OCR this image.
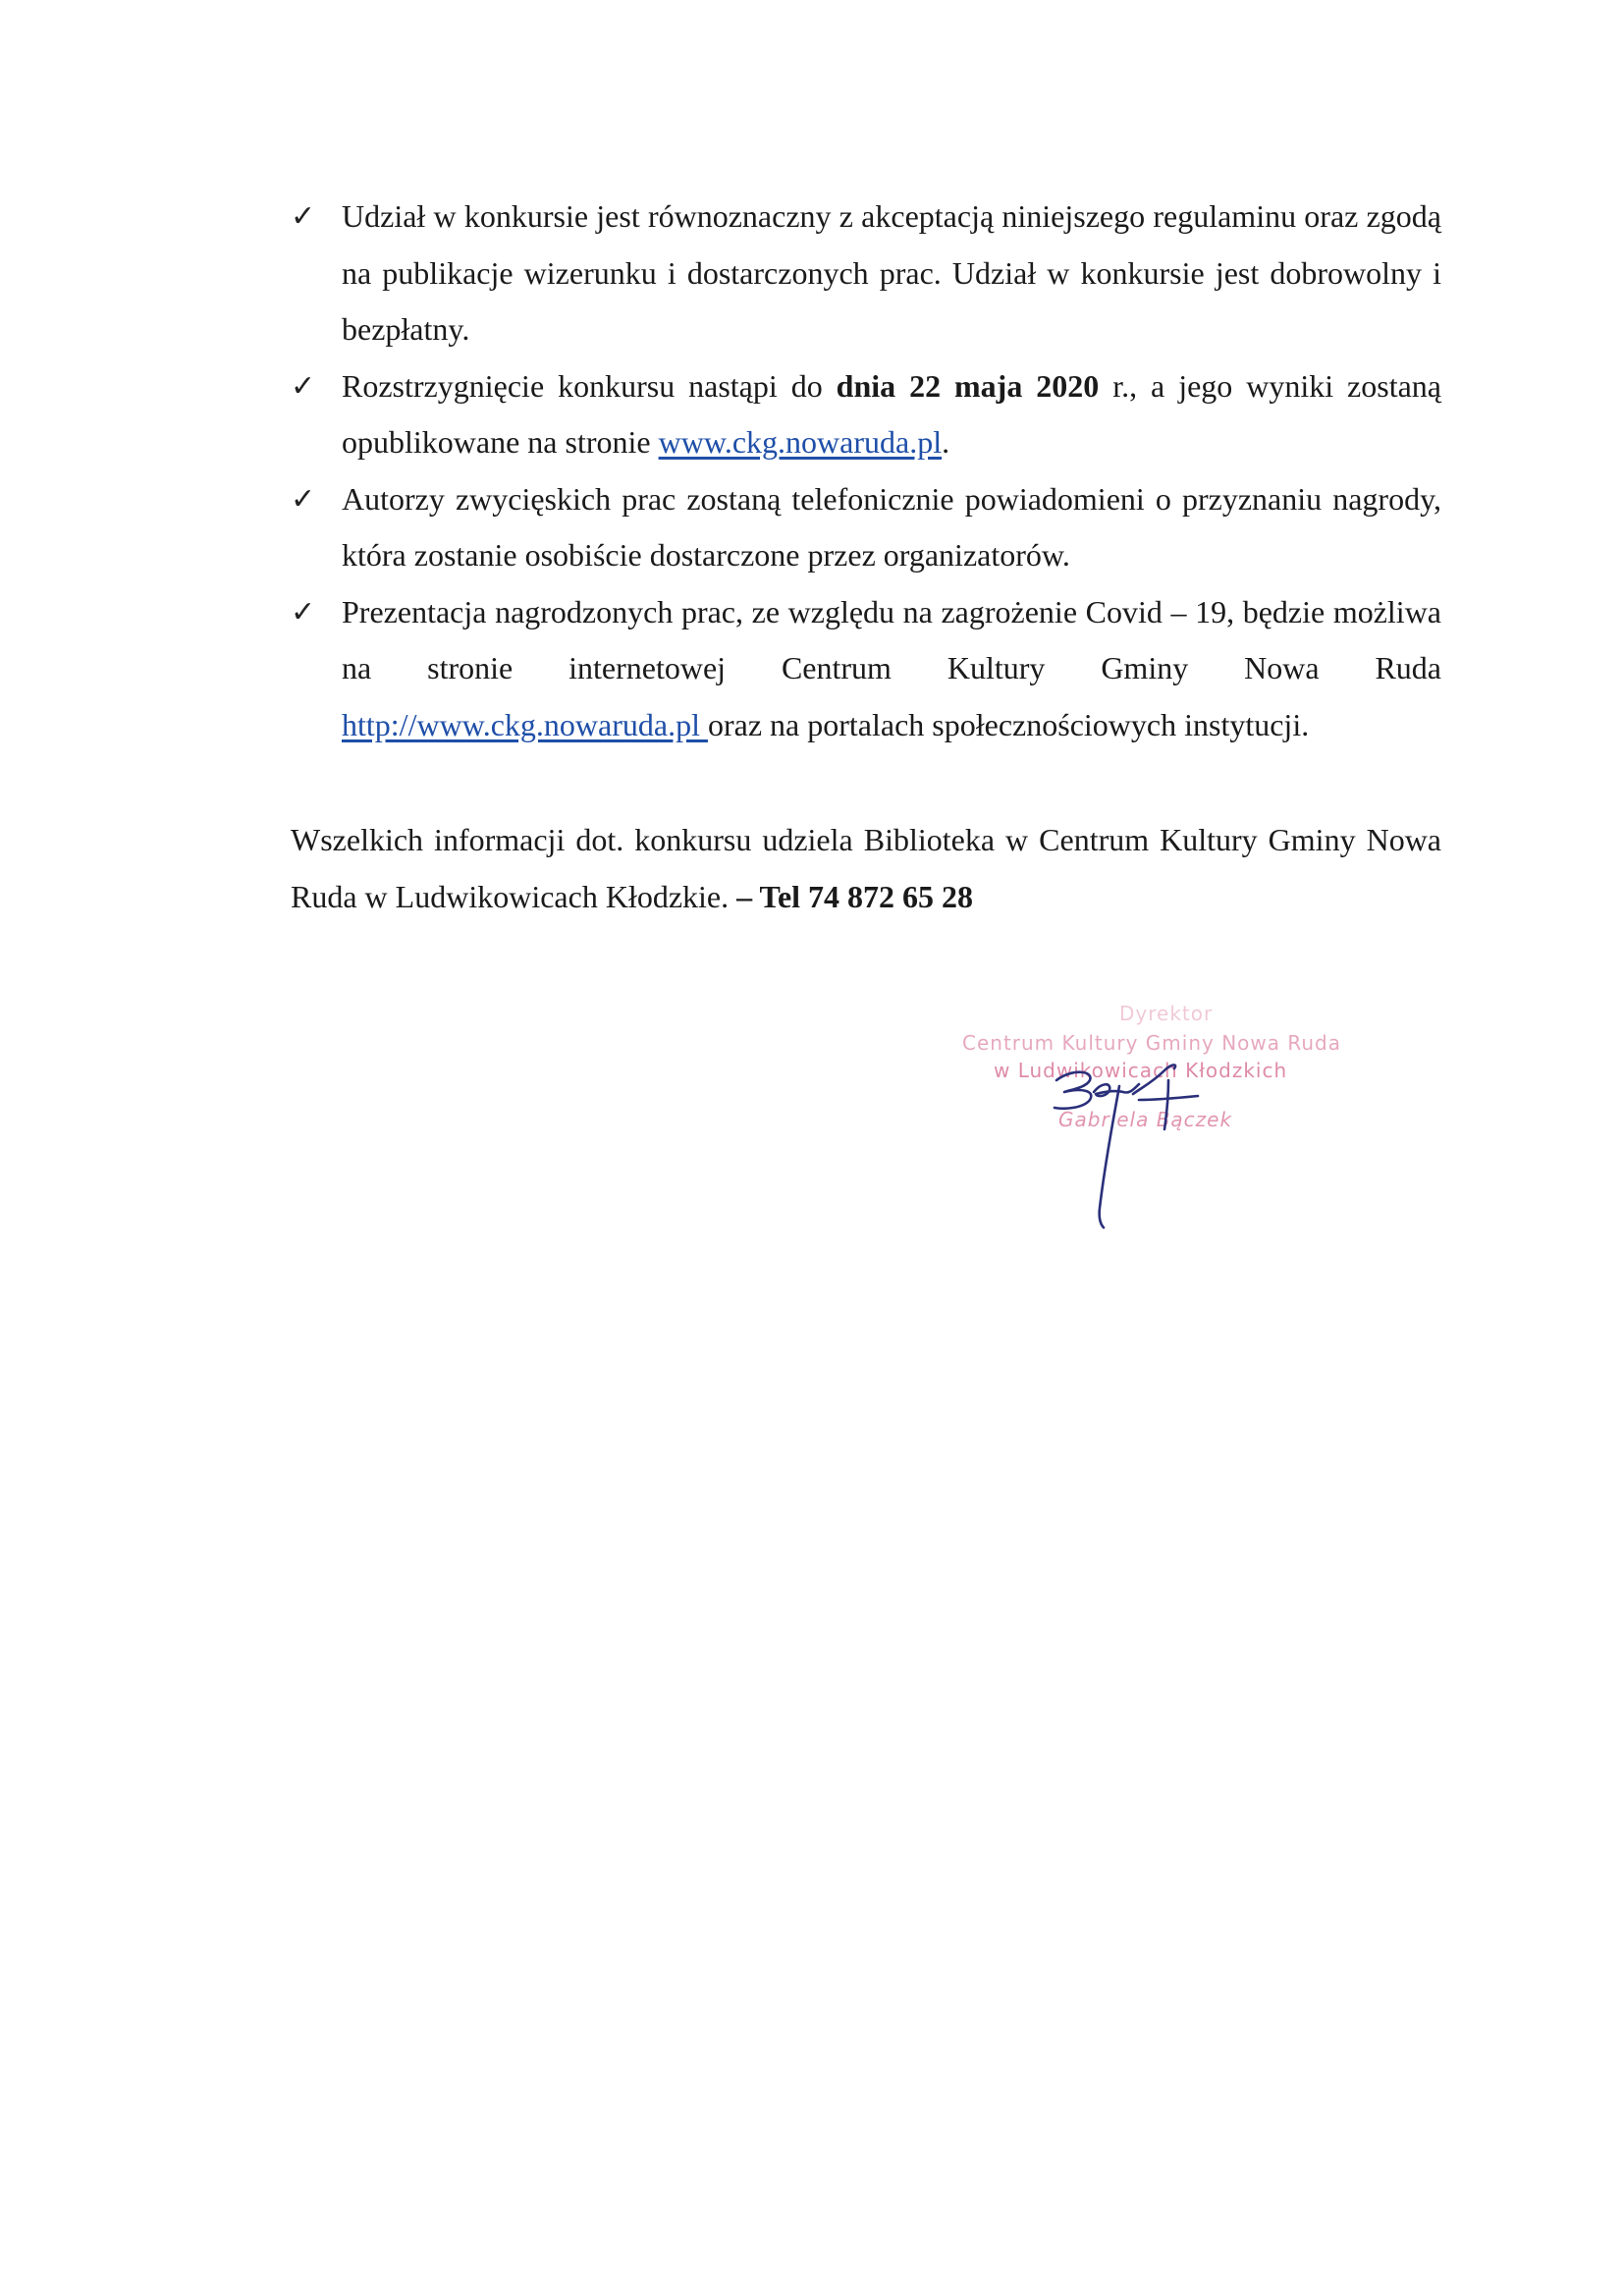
✓ Udział w konkursie jest równoznaczny z akceptacją niniejszego regulaminu oraz zgodą na publikacje wizerunku i dostarczonych prac. Udział w konkursie jest dobrowolny i bezpłatny.
✓ Rozstrzygnięcie konkursu nastąpi do dnia 22 maja 2020 r., a jego wyniki zostaną opublikowane na stronie www.ckg.nowaruda.pl.
✓ Autorzy zwycięskich prac zostaną telefonicznie powiadomieni o przyznaniu nagrody, która zostanie osobiście dostarczone przez organizatorów.
✓ Prezentacja nagrodzonych prac, ze względu na zagrożenie Covid – 19, będzie możliwa na stronie internetowej Centrum Kultury Gminy Nowa Ruda http://www.ckg.nowaruda.pl oraz na portalach społecznościowych instytucji.

Wszelkich informacji dot. konkursu udziela Biblioteka w Centrum Kultury Gminy Nowa Ruda w Ludwikowicach Kłodzkie. – Tel 74 872 65 28

Dyrektor
Centrum Kultury Gminy Nowa Ruda
w Ludwikowicach Kłodzkich
Gabriela Bączek
